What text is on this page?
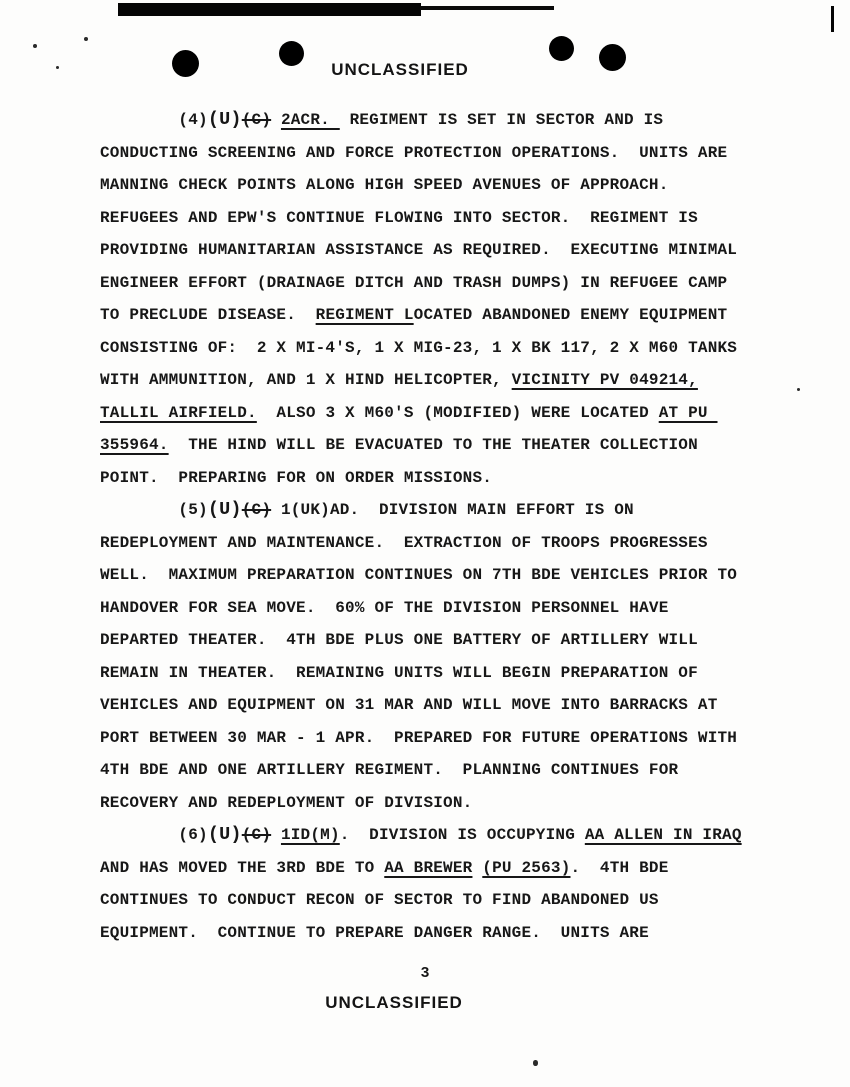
UNCLASSIFIED
(4)(U)(C) 2ACR.  REGIMENT IS SET IN SECTOR AND IS
CONDUCTING SCREENING AND FORCE PROTECTION OPERATIONS.  UNITS ARE
MANNING CHECK POINTS ALONG HIGH SPEED AVENUES OF APPROACH.
REFUGEES AND EPW'S CONTINUE FLOWING INTO SECTOR.  REGIMENT IS
PROVIDING HUMANITARIAN ASSISTANCE AS REQUIRED.  EXECUTING MINIMAL
ENGINEER EFFORT (DRAINAGE DITCH AND TRASH DUMPS) IN REFUGEE CAMP
TO PRECLUDE DISEASE.  REGIMENT LOCATED ABANDONED ENEMY EQUIPMENT
CONSISTING OF:  2 X MI-4'S, 1 X MIG-23, 1 X BK 117, 2 X M60 TANKS
WITH AMMUNITION, AND 1 X HIND HELICOPTER, VICINITY PV 049214,
TALLIL AIRFIELD.  ALSO 3 X M60'S (MODIFIED) WERE LOCATED AT PU
355964.  THE HIND WILL BE EVACUATED TO THE THEATER COLLECTION
POINT.  PREPARING FOR ON ORDER MISSIONS.
(5)(U)(C) 1(UK)AD.  DIVISION MAIN EFFORT IS ON
REDEPLOYMENT AND MAINTENANCE.  EXTRACTION OF TROOPS PROGRESSES
WELL.  MAXIMUM PREPARATION CONTINUES ON 7TH BDE VEHICLES PRIOR TO
HANDOVER FOR SEA MOVE.  60% OF THE DIVISION PERSONNEL HAVE
DEPARTED THEATER.  4TH BDE PLUS ONE BATTERY OF ARTILLERY WILL
REMAIN IN THEATER.  REMAINING UNITS WILL BEGIN PREPARATION OF
VEHICLES AND EQUIPMENT ON 31 MAR AND WILL MOVE INTO BARRACKS AT
PORT BETWEEN 30 MAR - 1 APR.  PREPARED FOR FUTURE OPERATIONS WITH
4TH BDE AND ONE ARTILLERY REGIMENT.  PLANNING CONTINUES FOR
RECOVERY AND REDEPLOYMENT OF DIVISION.
(6)(U)(C) 1ID(M).  DIVISION IS OCCUPYING AA ALLEN IN IRAQ
AND HAS MOVED THE 3RD BDE TO AA BREWER (PU 2563).  4TH BDE
CONTINUES TO CONDUCT RECON OF SECTOR TO FIND ABANDONED US
EQUIPMENT.  CONTINUE TO PREPARE DANGER RANGE.  UNITS ARE
3
UNCLASSIFIED
